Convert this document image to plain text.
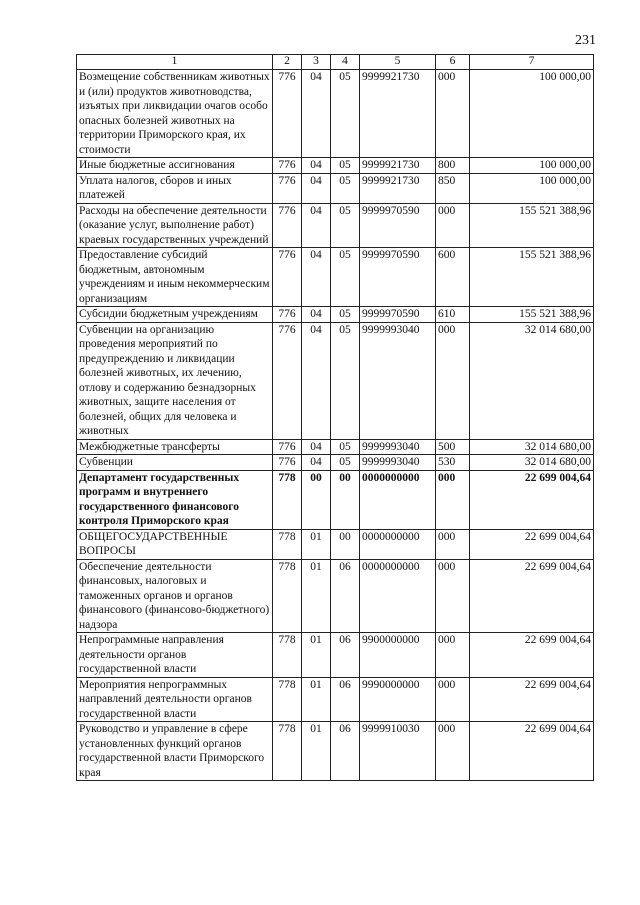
231
1	2	3	4	5	6	7
Возмещение собственникам животных и (или) продуктов животноводства, изъятых при ликвидации очагов особо опасных болезней животных на территории Приморского края, их стоимости	776	04	05	9999921730	000	100 000,00
Иные бюджетные ассигнования	776	04	05	9999921730	800	100 000,00
Уплата налогов, сборов и иных платежей	776	04	05	9999921730	850	100 000,00
Расходы на обеспечение деятельности (оказание услуг, выполнение работ) краевых государственных учреждений	776	04	05	9999970590	000	155 521 388,96
Предоставление субсидий бюджетным, автономным учреждениям и иным некоммерческим организациям	776	04	05	9999970590	600	155 521 388,96
Субсидии бюджетным учреждениям	776	04	05	9999970590	610	155 521 388,96
Субвенции на организацию проведения мероприятий по предупреждению и ликвидации болезней животных, их лечению, отлову и содержанию безнадзорных животных, защите населения от болезней, общих для человека и животных	776	04	05	9999993040	000	32 014 680,00
Межбюджетные трансферты	776	04	05	9999993040	500	32 014 680,00
Субвенции	776	04	05	9999993040	530	32 014 680,00
Департамент государственных программ и внутреннего государственного финансового контроля Приморского края	778	00	00	0000000000	000	22 699 004,64
ОБЩЕГОСУДАРСТВЕННЫЕ ВОПРОСЫ	778	01	00	0000000000	000	22 699 004,64
Обеспечение деятельности финансовых, налоговых и таможенных органов и органов финансового (финансово-бюджетного) надзора	778	01	06	0000000000	000	22 699 004,64
Непрограммные направления деятельности органов государственной власти	778	01	06	9900000000	000	22 699 004,64
Мероприятия непрограммных направлений деятельности органов государственной власти	778	01	06	9990000000	000	22 699 004,64
Руководство и управление в сфере установленных функций органов государственной власти Приморского края	778	01	06	9999910030	000	22 699 004,64
